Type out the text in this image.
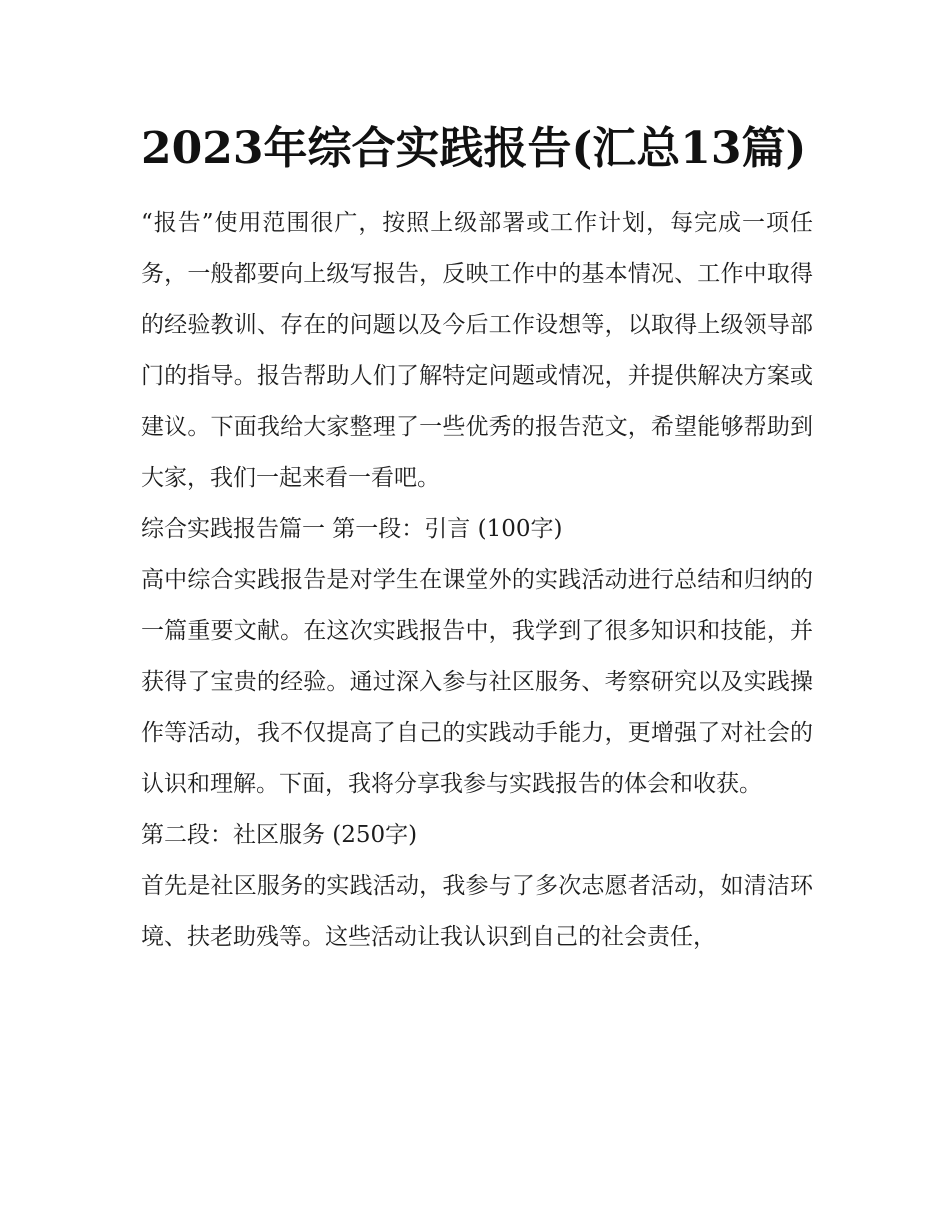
2023年综合实践报告(汇总13篇)

“报告”使用范围很广，按照上级部署或工作计划，每完成一项任务，一般都要向上级写报告，反映工作中的基本情况、工作中取得的经验教训、存在的问题以及今后工作设想等，以取得上级领导部门的指导。报告帮助人们了解特定问题或情况，并提供解决方案或建议。下面我给大家整理了一些优秀的报告范文，希望能够帮助到大家，我们一起来看一看吧。

综合实践报告篇一 第一段：引言 (100字)

高中综合实践报告是对学生在课堂外的实践活动进行总结和归纳的一篇重要文献。在这次实践报告中，我学到了很多知识和技能，并获得了宝贵的经验。通过深入参与社区服务、考察研究以及实践操作等活动，我不仅提高了自己的实践动手能力，更增强了对社会的认识和理解。下面，我将分享我参与实践报告的体会和收获。

第二段：社区服务 (250字)

首先是社区服务的实践活动，我参与了多次志愿者活动，如清洁环境、扶老助残等。这些活动让我认识到自己的社会责任，
